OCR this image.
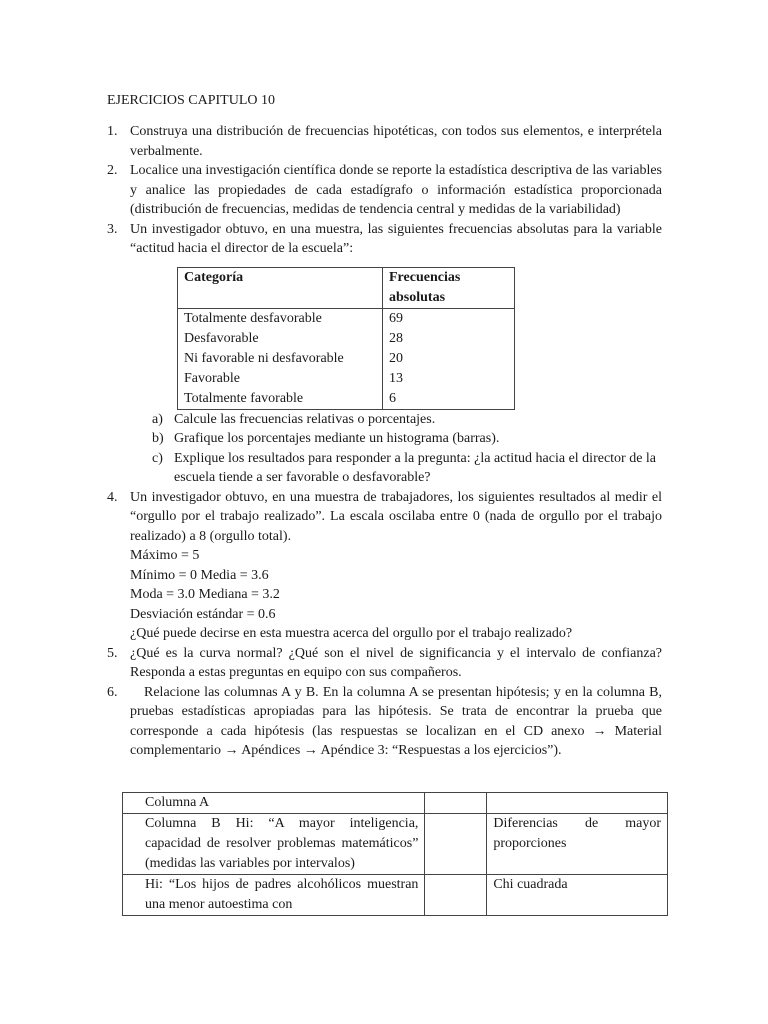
EJERCICIOS CAPITULO 10
1. Construya una distribución de frecuencias hipotéticas, con todos sus elementos, e interprétela verbalmente.
2. Localice una investigación científica donde se reporte la estadística descriptiva de las variables y analice las propiedades de cada estadígrafo o información estadística proporcionada (distribución de frecuencias, medidas de tendencia central y medidas de la variabilidad)
3. Un investigador obtuvo, en una muestra, las siguientes frecuencias absolutas para la variable “actitud hacia el director de la escuela”:
Categoría	Frecuencias absolutas
Totalmente desfavorable	69
Desfavorable	28
Ni favorable ni desfavorable	20
Favorable	13
Totalmente favorable	6
a) Calcule las frecuencias relativas o porcentajes.
b) Grafique los porcentajes mediante un histograma (barras).
c) Explique los resultados para responder a la pregunta: ¿la actitud hacia el director de la escuela tiende a ser favorable o desfavorable?
4. Un investigador obtuvo, en una muestra de trabajadores, los siguientes resultados al medir el “orgullo por el trabajo realizado”. La escala oscilaba entre 0 (nada de orgullo por el trabajo realizado) a 8 (orgullo total).
Máximo = 5
Mínimo = 0 Media = 3.6
Moda = 3.0 Mediana = 3.2
Desviación estándar = 0.6
¿Qué puede decirse en esta muestra acerca del orgullo por el trabajo realizado?
5. ¿Qué es la curva normal? ¿Qué son el nivel de significancia y el intervalo de confianza? Responda a estas preguntas en equipo con sus compañeros.
6.	Relacione las columnas A y B. En la columna A se presentan hipótesis; y en la columna B, pruebas estadísticas apropiadas para las hipótesis. Se trata de encontrar la prueba que corresponde a cada hipótesis (las respuestas se localizan en el CD anexo → Material complementario → Apéndices → Apéndice 3: “Respuestas a los ejercicios”).
Columna A		
Columna B Hi: “A mayor inteligencia, capacidad de resolver problemas matemáticos” (medidas las variables por intervalos)		Diferencias de mayor proporciones
Hi: “Los hijos de padres alcohólicos muestran una menor autoestima con		Chi cuadrada
